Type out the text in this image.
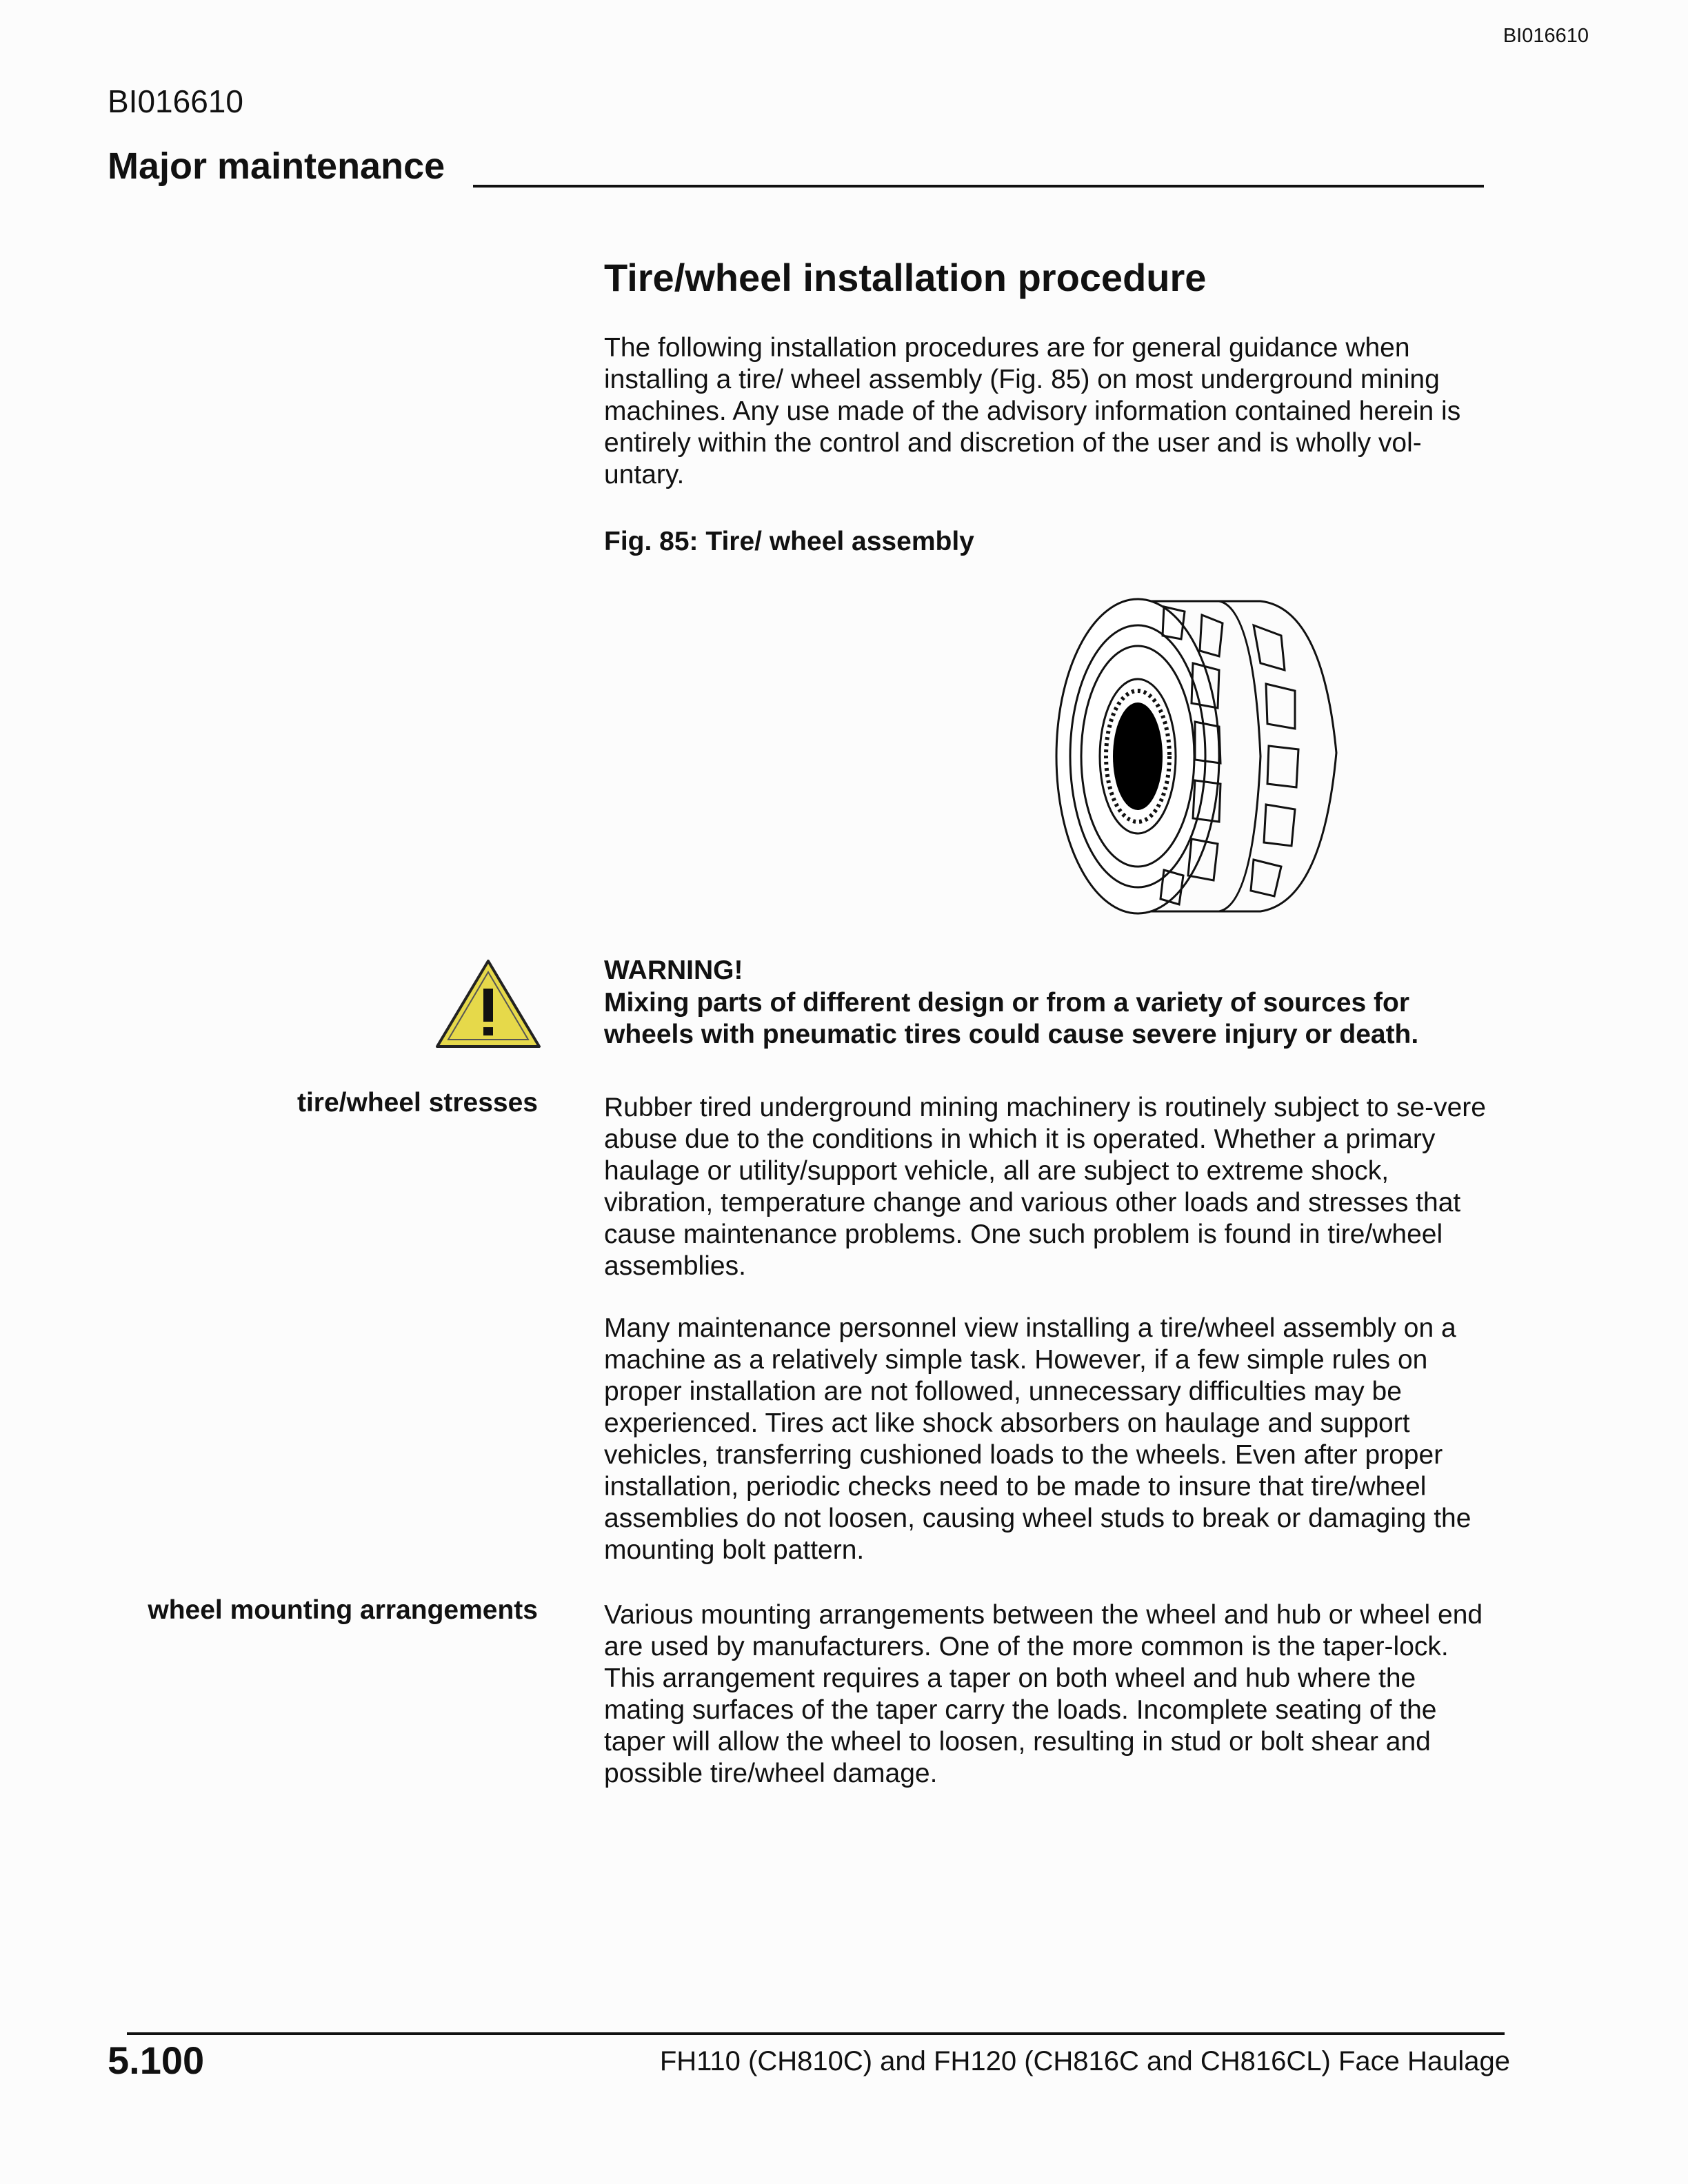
BI016610
BI016610
Major maintenance
Tire/wheel installation procedure
The following installation procedures are for general guidance when installing a tire/ wheel assembly (Fig. 85) on most underground mining machines. Any use made of the advisory information contained herein is entirely within the control and discretion of the user and is wholly vol-untary.
Fig. 85: Tire/ wheel assembly
WARNING!
Mixing parts of different design or from a variety of sources for wheels with pneumatic tires could cause severe injury or death.
tire/wheel stresses Rubber tired underground mining machinery is routinely subject to se-vere abuse due to the conditions in which it is operated. Whether a primary haulage or utility/support vehicle, all are subject to extreme shock, vibration, temperature change and various other loads and stresses that cause maintenance problems. One such problem is found in tire/wheel assemblies.
Many maintenance personnel view installing a tire/wheel assembly on a machine as a relatively simple task. However, if a few simple rules on proper installation are not followed, unnecessary difficulties may be experienced. Tires act like shock absorbers on haulage and support vehicles, transferring cushioned loads to the wheels. Even after proper installation, periodic checks need to be made to insure that tire/wheel assemblies do not loosen, causing wheel studs to break or damaging the mounting bolt pattern.
wheel mounting arrangements Various mounting arrangements between the wheel and hub or wheel end are used by manufacturers. One of the more common is the taper-lock. This arrangement requires a taper on both wheel and hub where the mating surfaces of the taper carry the loads. Incomplete seating of the taper will allow the wheel to loosen, resulting in stud or bolt shear and possible tire/wheel damage.
5.100	FH110 (CH810C) and FH120 (CH816C and CH816CL) Face Haulage
